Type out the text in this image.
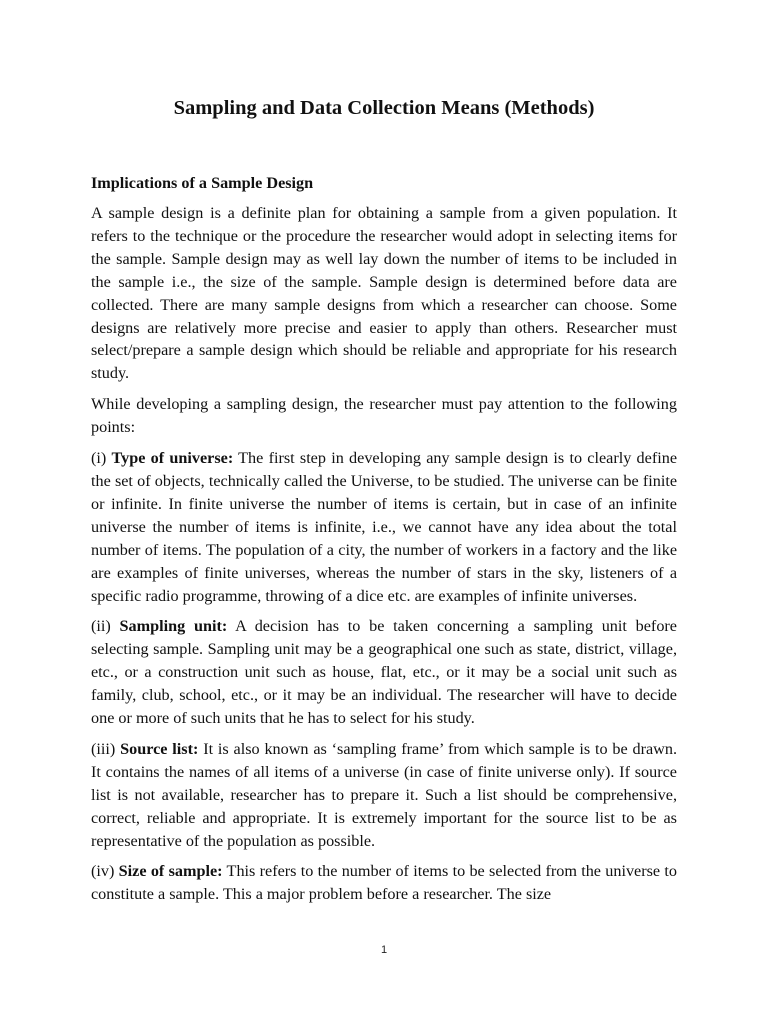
Sampling and Data Collection Means (Methods)
Implications of a Sample Design

A sample design is a definite plan for obtaining a sample from a given population. It refers to the technique or the procedure the researcher would adopt in selecting items for the sample. Sample design may as well lay down the number of items to be included in the sample i.e., the size of the sample. Sample design is determined before data are collected. There are many sample designs from which a researcher can choose. Some designs are relatively more precise and easier to apply than others. Researcher must select/prepare a sample design which should be reliable and appropriate for his research study.

While developing a sampling design, the researcher must pay attention to the following points:

(i) Type of universe: The first step in developing any sample design is to clearly define the set of objects, technically called the Universe, to be studied. The universe can be finite or infinite. In finite universe the number of items is certain, but in case of an infinite universe the number of items is infinite, i.e., we cannot have any idea about the total number of items. The population of a city, the number of workers in a factory and the like are examples of finite universes, whereas the number of stars in the sky, listeners of a specific radio programme, throwing of a dice etc. are examples of infinite universes.

(ii) Sampling unit: A decision has to be taken concerning a sampling unit before selecting sample. Sampling unit may be a geographical one such as state, district, village, etc., or a construction unit such as house, flat, etc., or it may be a social unit such as family, club, school, etc., or it may be an individual. The researcher will have to decide one or more of such units that he has to select for his study.

(iii) Source list: It is also known as ‘sampling frame’ from which sample is to be drawn. It contains the names of all items of a universe (in case of finite universe only). If source list is not available, researcher has to prepare it. Such a list should be comprehensive, correct, reliable and appropriate. It is extremely important for the source list to be as representative of the population as possible.

(iv) Size of sample: This refers to the number of items to be selected from the universe to constitute a sample. This a major problem before a researcher. The size

1
